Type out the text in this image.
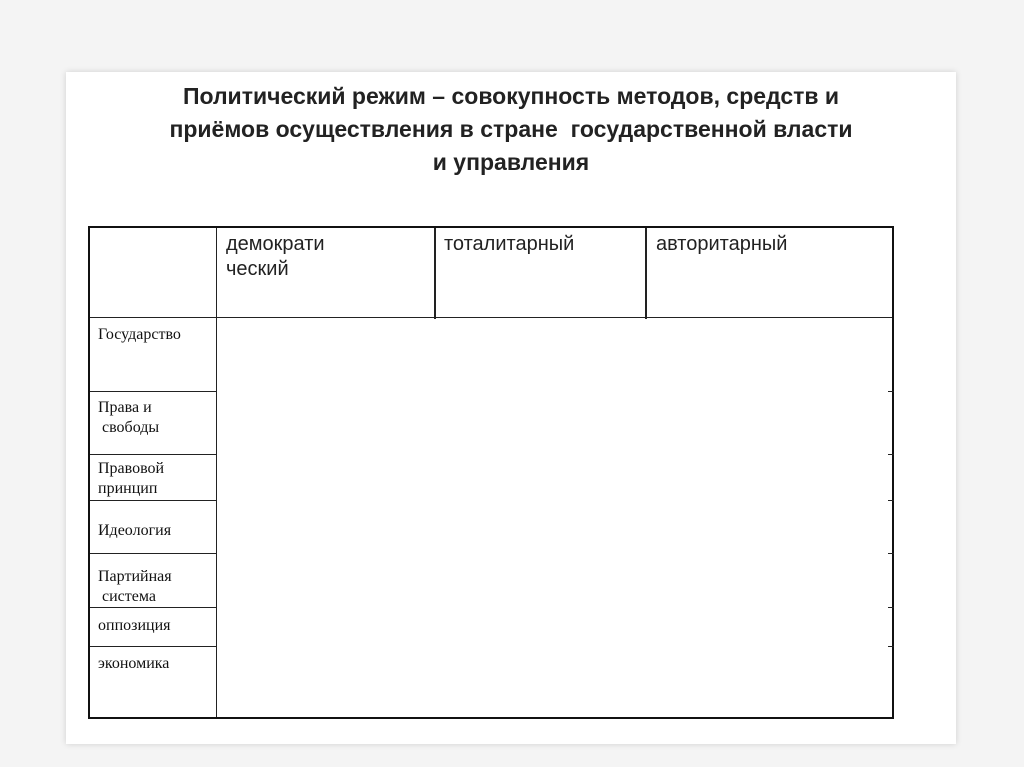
Политический режим – совокупность методов, средств и
приёмов осуществления в стране  государственной власти
и управления
демократи
ческий
тоталитарный	авторитарный
Государство
Права и
свободы
Правовой
принцип
Идеология
Партийная
система
оппозиция
экономика
